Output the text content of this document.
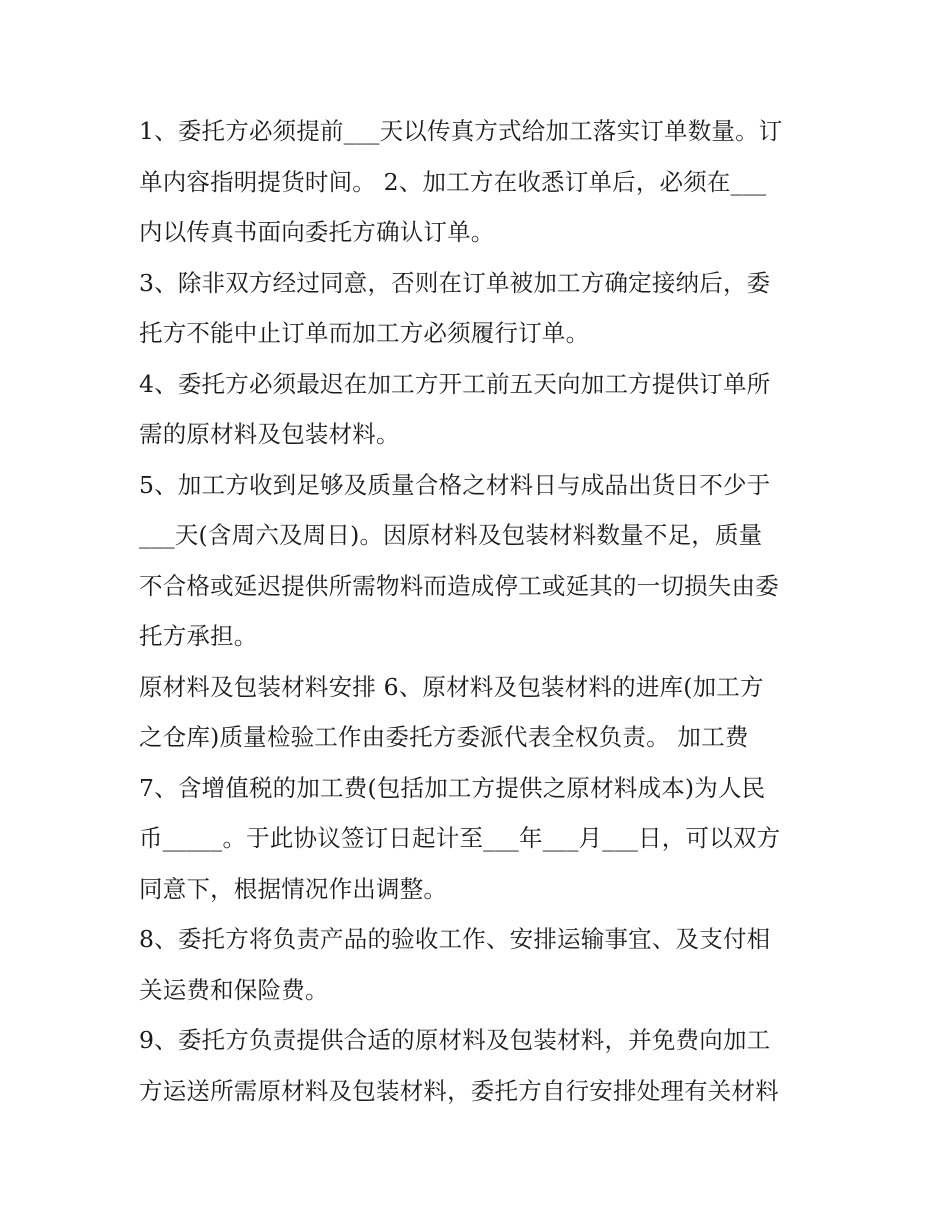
1、委托方必须提前___天以传真方式给加工落实订单数量。订
单内容指明提货时间。 2、加工方在收悉订单后，必须在___
内以传真书面向委托方确认订单。

3、除非双方经过同意，否则在订单被加工方确定接纳后，委
托方不能中止订单而加工方必须履行订单。

4、委托方必须最迟在加工方开工前五天向加工方提供订单所
需的原材料及包装材料。

5、加工方收到足够及质量合格之材料日与成品出货日不少于
___天(含周六及周日)。因原材料及包装材料数量不足，质量
不合格或延迟提供所需物料而造成停工或延其的一切损失由委
托方承担。

原材料及包装材料安排 6、原材料及包装材料的进库(加工方
之仓库)质量检验工作由委托方委派代表全权负责。 加工费

7、含增值税的加工费(包括加工方提供之原材料成本)为人民
币_____。于此协议签订日起计至___年___月___日，可以双方
同意下，根据情况作出调整。

8、委托方将负责产品的验收工作、安排运输事宜、及支付相
关运费和保险费。

9、委托方负责提供合适的原材料及包装材料，并免费向加工
方运送所需原材料及包装材料，委托方自行安排处理有关材料
